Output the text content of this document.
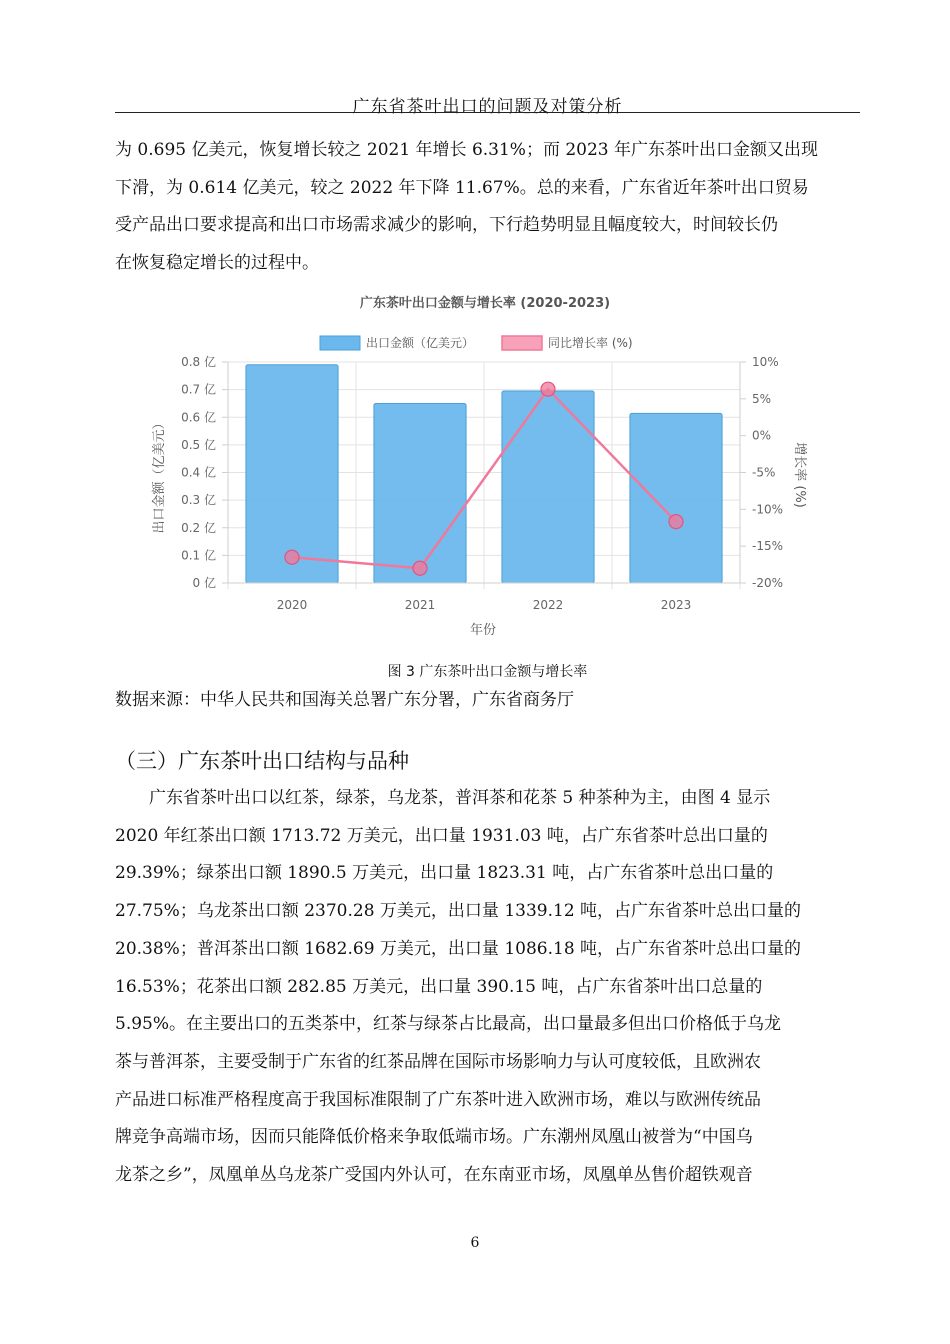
广东省茶叶出口的问题及对策分析

为 0.695 亿美元，恢复增长较之 2021 年增长 6.31%；而 2023 年广东茶叶出口金额又出现
下滑，为 0.614 亿美元，较之 2022 年下降 11.67%。总的来看，广东省近年茶叶出口贸易
受产品出口要求提高和出口市场需求减少的影响，下行趋势明显且幅度较大，时间较长仍
在恢复稳定增长的过程中。

广东茶叶出口金额与增长率 (2020-2023)
出口金额（亿美元）	同比增长率 (%)
0 亿
0.1 亿
0.2 亿
0.3 亿
0.4 亿
0.5 亿
0.6 亿
0.7 亿
0.8 亿
-20%
-15%
-10%
-5%
0%
5%
10%
2020	2021	2022	2023
年份
出口金额（亿美元）	增长率 (%)
图 3 广东茶叶出口金额与增长率

数据来源：中华人民共和国海关总署广东分署，广东省商务厅

（三）广东茶叶出口结构与品种

　　广东省茶叶出口以红茶，绿茶，乌龙茶，普洱茶和花茶 5 种茶种为主，由图 4 显示
2020 年红茶出口额 1713.72 万美元，出口量 1931.03 吨，占广东省茶叶总出口量的
29.39%；绿茶出口额 1890.5 万美元，出口量 1823.31 吨，占广东省茶叶总出口量的
27.75%；乌龙茶出口额 2370.28 万美元，出口量 1339.12 吨，占广东省茶叶总出口量的
20.38%；普洱茶出口额 1682.69 万美元，出口量 1086.18 吨，占广东省茶叶总出口量的
16.53%；花茶出口额 282.85 万美元，出口量 390.15 吨，占广东省茶叶出口总量的
5.95%。在主要出口的五类茶中，红茶与绿茶占比最高，出口量最多但出口价格低于乌龙
茶与普洱茶，主要受制于广东省的红茶品牌在国际市场影响力与认可度较低，且欧洲农
产品进口标准严格程度高于我国标准限制了广东茶叶进入欧洲市场，难以与欧洲传统品
牌竞争高端市场，因而只能降低价格来争取低端市场。广东潮州凤凰山被誉为“中国乌
龙茶之乡”，凤凰单丛乌龙茶广受国内外认可，在东南亚市场，凤凰单丛售价超铁观音

6
